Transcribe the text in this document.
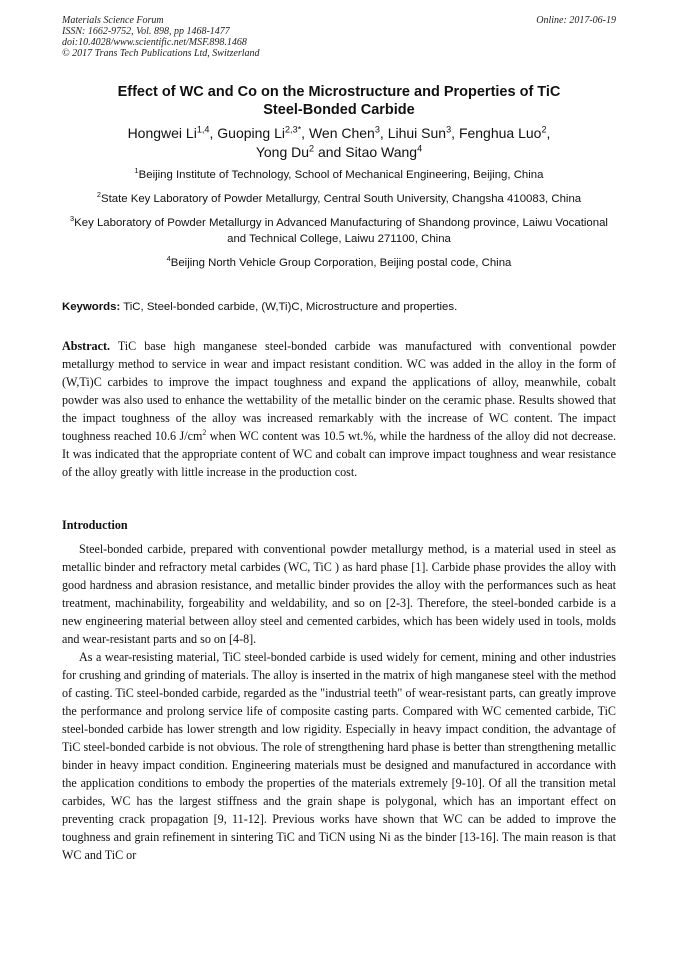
Materials Science Forum
ISSN: 1662-9752, Vol. 898, pp 1468-1477
doi:10.4028/www.scientific.net/MSF.898.1468
© 2017 Trans Tech Publications Ltd, Switzerland
Online: 2017-06-19
Effect of WC and Co on the Microstructure and Properties of TiC
Steel-Bonded Carbide
Hongwei Li$^{1,4}$, Guoping $Li^{2,3*}$, Wen Chen$^3$, Lihui Sun$^3$, Fenghua Luo$^2$,
Yong Du$^2$ and Sitao Wang$^4$

$^1$Beijing Institute of Technology, School of Mechanical Engineering, Beijing, China

$^2$State Key Laboratory of Powder Metallurgy, Central South University, Changsha 410083, China

$^3$Key Laboratory of Powder Metallurgy in Advanced Manufacturing of Shandong province, Laiwu Vocational and Technical College, Laiwu 271100, China

$^4$Beijing North Vehicle Group Corporation, Beijing postal code, China

Keywords: TiC, Steel-bonded carbide, (W,Ti)C, Microstructure and properties.
Abstract. TiC base high manganese steel-bonded carbide was manufactured with conventional powder metallurgy method to service in wear and impact resistant condition. WC was added in the alloy in the form of (W,Ti)C carbides to improve the impact toughness and expand the applications of alloy, meanwhile, cobalt powder was also used to enhance the wettability of the metallic binder on the ceramic phase. Results showed that the impact toughness of the alloy was increased remarkably with the increase of WC content. The impact toughness reached 10.6 $J/cm^2$ when WC content was 10.5 wt.%, while the hardness of the alloy did not decrease. It was indicated that the appropriate content of WC and cobalt can improve impact toughness and wear resistance of the alloy greatly with little increase in the production cost.
Introduction

Steel-bonded carbide, prepared with conventional powder metallurgy method, is a material used in steel as metallic binder and refractory metal carbides (WC, TiC ) as hard phase [1]. Carbide phase provides the alloy with good hardness and abrasion resistance, and metallic binder provides the alloy with the performances such as heat treatment, machinability, forgeability and weldability, and so on [2-3]. Therefore, the steel-bonded carbide is a new engineering material between alloy steel and cemented carbides, which has been widely used in tools, molds and wear-resistant parts and so on [4-8].

As a wear-resisting material, TiC steel-bonded carbide is used widely for cement, mining and other industries for crushing and grinding of materials. The alloy is inserted in the matrix of high manganese steel with the method of casting. TiC steel-bonded carbide, regarded as the "industrial teeth" of wear-resistant parts, can greatly improve the performance and prolong service life of composite casting parts. Compared with WC cemented carbide, TiC steel-bonded carbide has lower strength and low rigidity. Especially in heavy impact condition, the advantage of TiC steel-bonded carbide is not obvious. The role of strengthening hard phase is better than strengthening metallic binder in heavy impact condition. Engineering materials must be designed and manufactured in accordance with the application conditions to embody the properties of the materials extremely [9-10]. Of all the transition metal carbides, WC has the largest stiffness and the grain shape is polygonal, which has an important effect on preventing crack propagation [9, 11-12]. Previous works have shown that WC can be added to improve the toughness and grain refinement in sintering TiC and TiCN using Ni as the binder [13-16]. The main reason is that WC and TiC or
